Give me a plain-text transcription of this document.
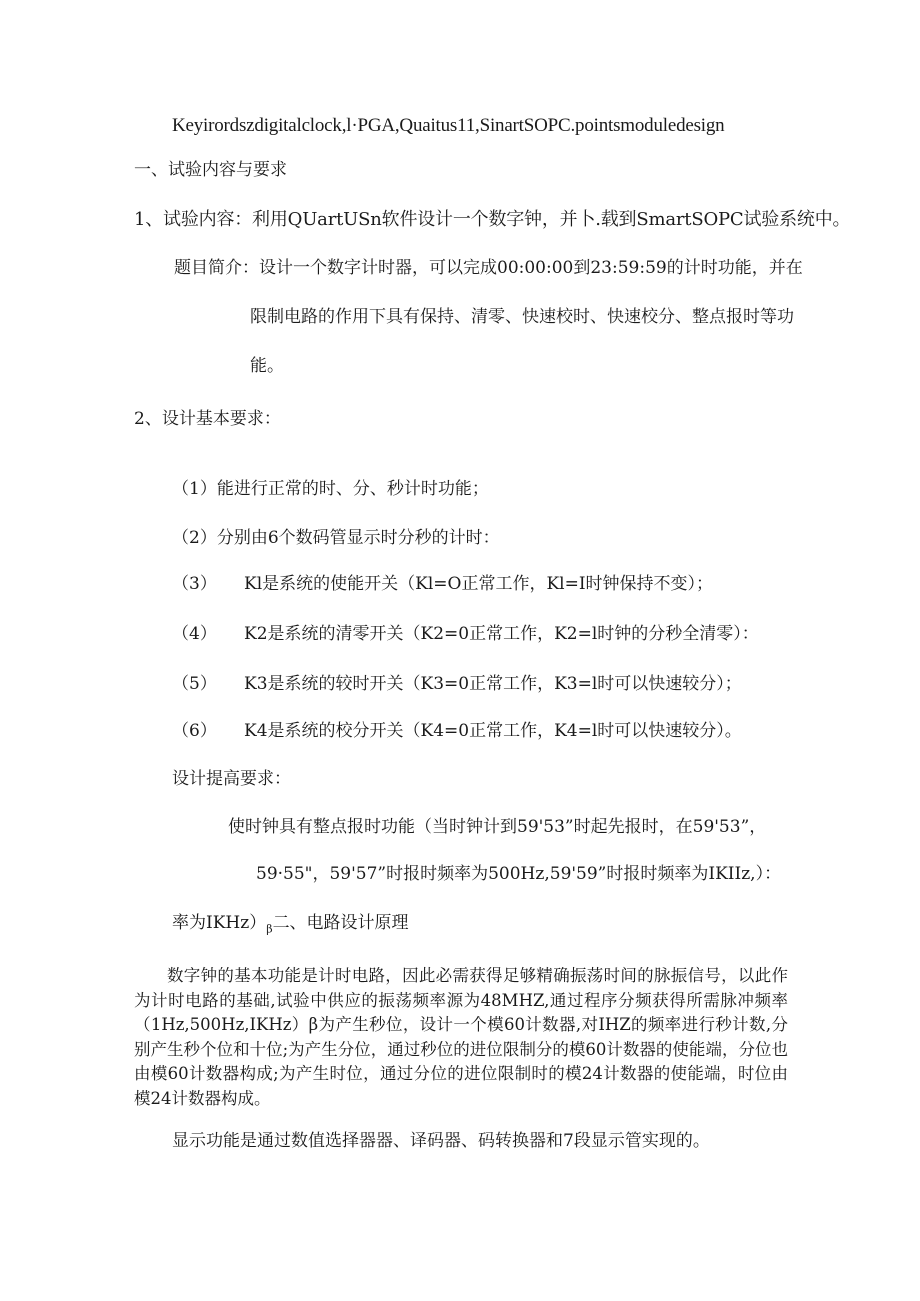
Keyirordszdigitalclock,l·PGA,Quaitus11,SinartSOPC.pointsmoduledesign
一、试验内容与要求
1、试验内容：利用QUartUSn软件设计一个数字钟，并卜.载到SmartSOPC试验系统中。
题目简介：设计一个数字计时器，可以完成00:00:00到23:59:59的计时功能，并在
限制电路的作用下具有保持、清零、快速校时、快速校分、整点报时等功
能。
2、设计基本要求：
（1）能进行正常的时、分、秒计时功能；
（2）分别由6个数码管显示时分秒的计时：
（3） Kl是系统的使能开关（Kl=O正常工作，Kl=I时钟保持不变）；
（4） K2是系统的清零开关（K2=0正常工作，K2=l时钟的分秒全清零）：
（5） K3是系统的较时开关（K3=0正常工作，K3=l时可以快速较分）；
（6） K4是系统的校分开关（K4=0正常工作，K4=l时可以快速较分）。
设计提高要求：
使时钟具有整点报时功能（当时钟计到59'53”时起先报时，在59'53”，
59·55"，59'57”时报时频率为500Hz,59'59”时报时频率为IKIIz,）：
率为$IKHz)_\beta$二、电路设计原理

数字钟的基本功能是计时电路，因此必需获得足够精确振荡时间的脉振信号，以此作为计时电路的基础,试验中供应的振荡频率源为48MHZ,通过程序分频获得所需脉冲频率（1Hz,500Hz,IKHz）β为产生秒位，设计一个模60计数器,对IHZ的频率进行秒计数,分别产生秒个位和十位;为产生分位，通过秒位的进位限制分的模60计数器的使能端，分位也由模60计数器构成;为产生时位，通过分位的进位限制时的模24计数器的使能端，时位由模24计数器构成。

显示功能是通过数值选择器器、译码器、码转换器和7段显示管实现的。
